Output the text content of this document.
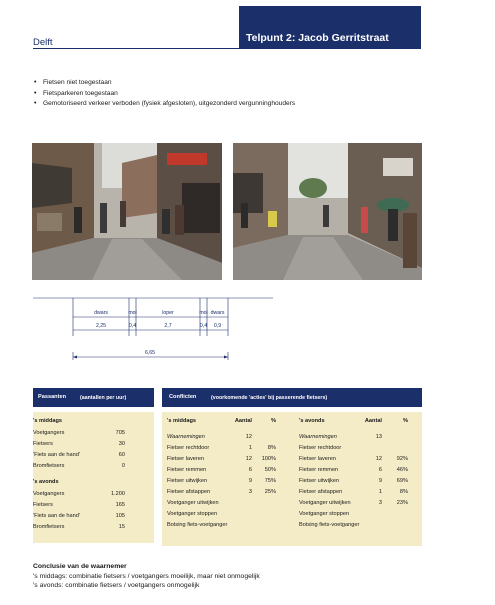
Delft	Telpunt 2: Jacob Gerritstraat
• Fietsen niet toegestaan
• Fietsparkeren toegestaan
• Gemotoriseerd verkeer verboden (fysiek afgesloten), uitgezonderd vergunninghouders
dwars	mol	loper	mol dwars
2,25	0,4	2,7	0,4 0,9
6,65
Passanten	(aantallen per uur)
's middags
Voetgangers	705
Fietsers	30
'Fiets aan de hand'	60
Bromfietsers	0
's avonds
Voetgangers	1.200
Fietsers	165
'Fiets aan de hand'	105
Bromfietsers	15
Conflicten	(voorkomende 'acties' bij passerende fietsers)
's middags	Aantal	%
Waarnemingen	12
Fietser rechtdoor	1	8%
Fietser laveren	12	100%
Fietser remmen	6	50%
Fietser uitwijken	9	75%
Fietser afstappen	3	25%
Voetganger uitwijken
Voetganger stoppen
Botsing fiets-voetganger
's avonds	Aantal	%
Waarnemingen	13
Fietser rechtdoor
Fietser laveren	12	92%
Fietser remmen	6	46%
Fietser uitwijken	9	69%
Fietser afstappen	1	8%
Voetganger uitwijken	3	23%
Voetganger stoppen
Botsing fiets-voetganger
Conclusie van de waarnemer
's middags: combinatie fietsers / voetgangers moeilijk, maar niet onmogelijk
's avonds: combinatie fietsers / voetgangers onmogelijk
